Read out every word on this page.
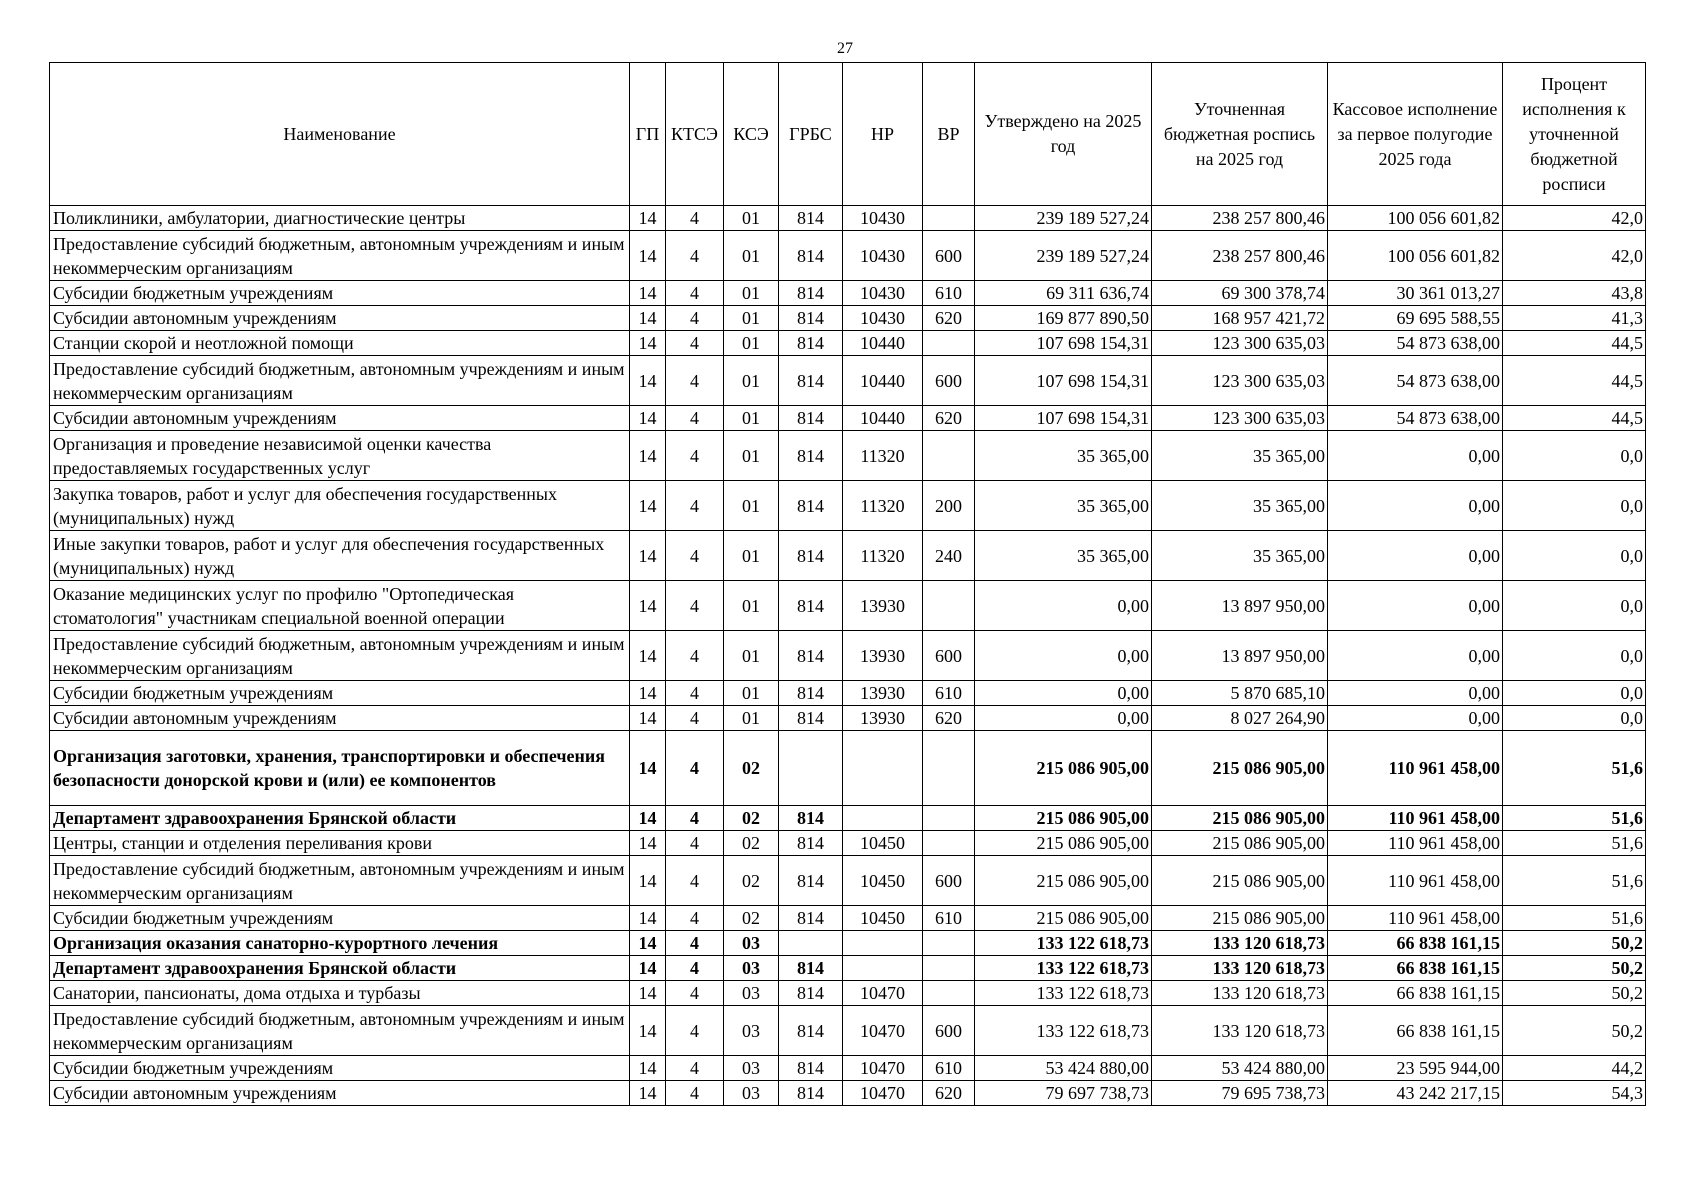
27
Наименование	ГП	КТСЭ	КСЭ	ГРБС	НР	ВР	Утверждено на 2025 год	Уточненная бюджетная роспись на 2025 год	Кассовое исполнение за первое полугодие 2025 года	Процент исполнения к уточненной бюджетной росписи
Поликлиники, амбулатории, диагностические центры	14	4	01	814	10430		239 189 527,24	238 257 800,46	100 056 601,82	42,0
Предоставление субсидий бюджетным, автономным учреждениям и иным некоммерческим организациям	14	4	01	814	10430	600	239 189 527,24	238 257 800,46	100 056 601,82	42,0
Субсидии бюджетным учреждениям	14	4	01	814	10430	610	69 311 636,74	69 300 378,74	30 361 013,27	43,8
Субсидии автономным учреждениям	14	4	01	814	10430	620	169 877 890,50	168 957 421,72	69 695 588,55	41,3
Станции скорой и неотложной помощи	14	4	01	814	10440		107 698 154,31	123 300 635,03	54 873 638,00	44,5
Предоставление субсидий бюджетным, автономным учреждениям и иным некоммерческим организациям	14	4	01	814	10440	600	107 698 154,31	123 300 635,03	54 873 638,00	44,5
Субсидии автономным учреждениям	14	4	01	814	10440	620	107 698 154,31	123 300 635,03	54 873 638,00	44,5
Организация и проведение независимой оценки качества предоставляемых государственных услуг	14	4	01	814	11320		35 365,00	35 365,00	0,00	0,0
Закупка товаров, работ и услуг для обеспечения государственных (муниципальных) нужд	14	4	01	814	11320	200	35 365,00	35 365,00	0,00	0,0
Иные закупки товаров, работ и услуг для обеспечения государственных (муниципальных) нужд	14	4	01	814	11320	240	35 365,00	35 365,00	0,00	0,0
Оказание медицинских услуг по профилю "Ортопедическая стоматология" участникам специальной военной операции	14	4	01	814	13930		0,00	13 897 950,00	0,00	0,0
Предоставление субсидий бюджетным, автономным учреждениям и иным некоммерческим организациям	14	4	01	814	13930	600	0,00	13 897 950,00	0,00	0,0
Субсидии бюджетным учреждениям	14	4	01	814	13930	610	0,00	5 870 685,10	0,00	0,0
Субсидии автономным учреждениям	14	4	01	814	13930	620	0,00	8 027 264,90	0,00	0,0
Организация заготовки, хранения, транспортировки и обеспечения безопасности донорской крови и (или) ее компонентов	14	4	02				215 086 905,00	215 086 905,00	110 961 458,00	51,6
Департамент здравоохранения Брянской области	14	4	02	814			215 086 905,00	215 086 905,00	110 961 458,00	51,6
Центры, станции и отделения переливания крови	14	4	02	814	10450		215 086 905,00	215 086 905,00	110 961 458,00	51,6
Предоставление субсидий бюджетным, автономным учреждениям и иным некоммерческим организациям	14	4	02	814	10450	600	215 086 905,00	215 086 905,00	110 961 458,00	51,6
Субсидии бюджетным учреждениям	14	4	02	814	10450	610	215 086 905,00	215 086 905,00	110 961 458,00	51,6
Организация оказания санаторно-курортного лечения	14	4	03				133 122 618,73	133 120 618,73	66 838 161,15	50,2
Департамент здравоохранения Брянской области	14	4	03	814			133 122 618,73	133 120 618,73	66 838 161,15	50,2
Санатории, пансионаты, дома отдыха и турбазы	14	4	03	814	10470		133 122 618,73	133 120 618,73	66 838 161,15	50,2
Предоставление субсидий бюджетным, автономным учреждениям и иным некоммерческим организациям	14	4	03	814	10470	600	133 122 618,73	133 120 618,73	66 838 161,15	50,2
Субсидии бюджетным учреждениям	14	4	03	814	10470	610	53 424 880,00	53 424 880,00	23 595 944,00	44,2
Субсидии автономным учреждениям	14	4	03	814	10470	620	79 697 738,73	79 695 738,73	43 242 217,15	54,3
